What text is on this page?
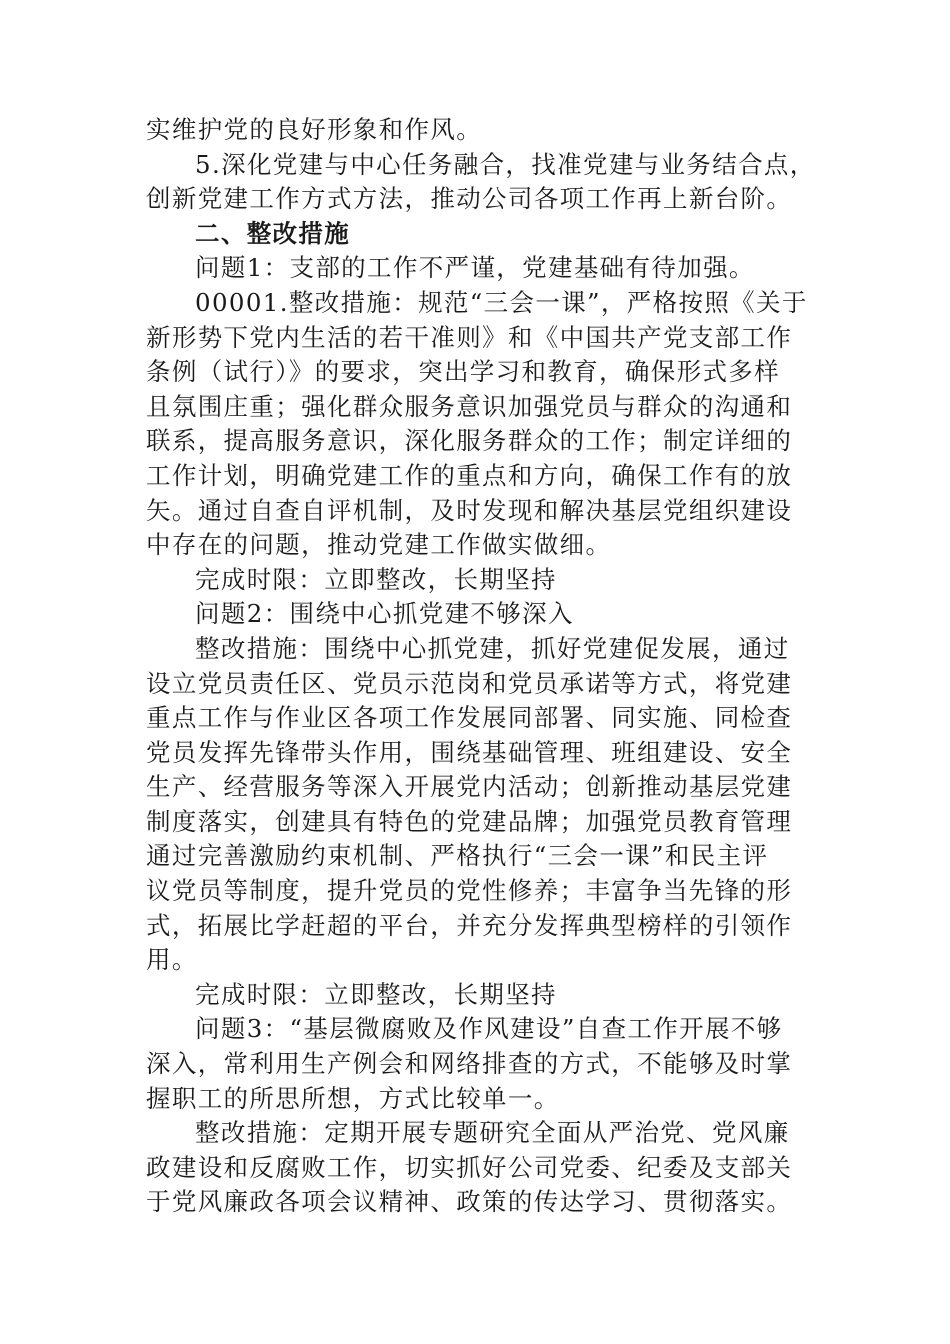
实维护党的良好形象和作风。

5.深化党建与中心任务融合，找准党建与业务结合点，
创新党建工作方式方法，推动公司各项工作再上新台阶。

二、整改措施

问题1：支部的工作不严谨，党建基础有待加强。

00001.整改措施：规范“三会一课”，严格按照《关于
新形势下党内生活的若干准则》和《中国共产党支部工作
条例（试行）》的要求，突出学习和教育，确保形式多样
且氛围庄重；强化群众服务意识加强党员与群众的沟通和
联系，提高服务意识，深化服务群众的工作；制定详细的
工作计划，明确党建工作的重点和方向，确保工作有的放
矢。通过自查自评机制，及时发现和解决基层党组织建设
中存在的问题，推动党建工作做实做细。

完成时限：立即整改，长期坚持

问题2：围绕中心抓党建不够深入

整改措施：围绕中心抓党建，抓好党建促发展，通过
设立党员责任区、党员示范岗和党员承诺等方式，将党建
重点工作与作业区各项工作发展同部署、同实施、同检查
党员发挥先锋带头作用，围绕基础管理、班组建设、安全
生产、经营服务等深入开展党内活动；创新推动基层党建
制度落实，创建具有特色的党建品牌；加强党员教育管理
通过完善激励约束机制、严格执行“三会一课”和民主评
议党员等制度，提升党员的党性修养；丰富争当先锋的形
式，拓展比学赶超的平台，并充分发挥典型榜样的引领作
用。

完成时限：立即整改，长期坚持

问题3：“基层微腐败及作风建设”自查工作开展不够
深入，常利用生产例会和网络排查的方式，不能够及时掌
握职工的所思所想，方式比较单一。

整改措施：定期开展专题研究全面从严治党、党风廉
政建设和反腐败工作，切实抓好公司党委、纪委及支部关
于党风廉政各项会议精神、政策的传达学习、贯彻落实。
